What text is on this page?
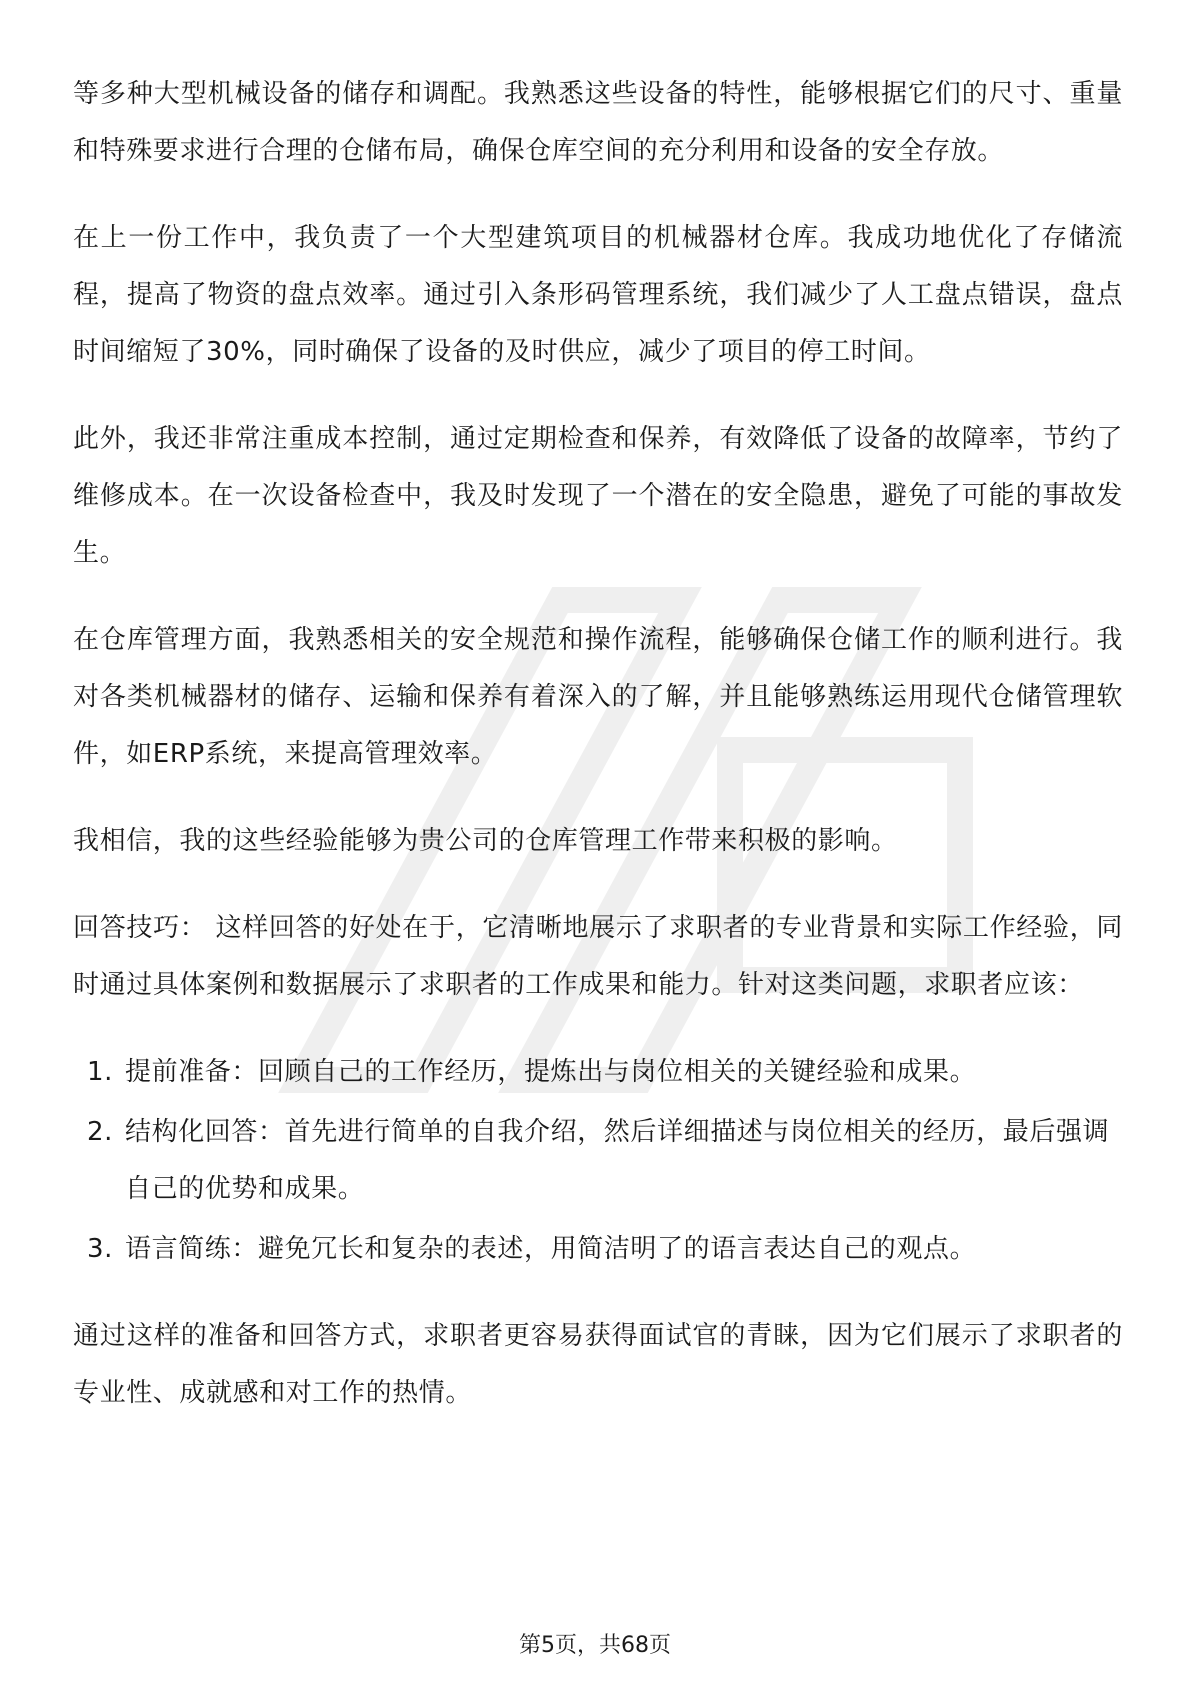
等多种大型机械设备的储存和调配。我熟悉这些设备的特性，能够根据它们的尺寸、重量和特殊要求进行合理的仓储布局，确保仓库空间的充分利用和设备的安全存放。

在上一份工作中，我负责了一个大型建筑项目的机械器材仓库。我成功地优化了存储流程，提高了物资的盘点效率。通过引入条形码管理系统，我们减少了人工盘点错误，盘点时间缩短了30%，同时确保了设备的及时供应，减少了项目的停工时间。

此外，我还非常注重成本控制，通过定期检查和保养，有效降低了设备的故障率，节约了维修成本。在一次设备检查中，我及时发现了一个潜在的安全隐患，避免了可能的事故发生。

在仓库管理方面，我熟悉相关的安全规范和操作流程，能够确保仓储工作的顺利进行。我对各类机械器材的储存、运输和保养有着深入的了解，并且能够熟练运用现代仓储管理软件，如ERP系统，来提高管理效率。

我相信，我的这些经验能够为贵公司的仓库管理工作带来积极的影响。

回答技巧： 这样回答的好处在于，它清晰地展示了求职者的专业背景和实际工作经验，同时通过具体案例和数据展示了求职者的工作成果和能力。针对这类问题，求职者应该：

1. 提前准备：回顾自己的工作经历，提炼出与岗位相关的关键经验和成果。
2. 结构化回答：首先进行简单的自我介绍，然后详细描述与岗位相关的经历，最后强调自己的优势和成果。
3. 语言简练：避免冗长和复杂的表述，用简洁明了的语言表达自己的观点。

通过这样的准备和回答方式，求职者更容易获得面试官的青睐，因为它们展示了求职者的专业性、成就感和对工作的热情。

第5页，共68页
